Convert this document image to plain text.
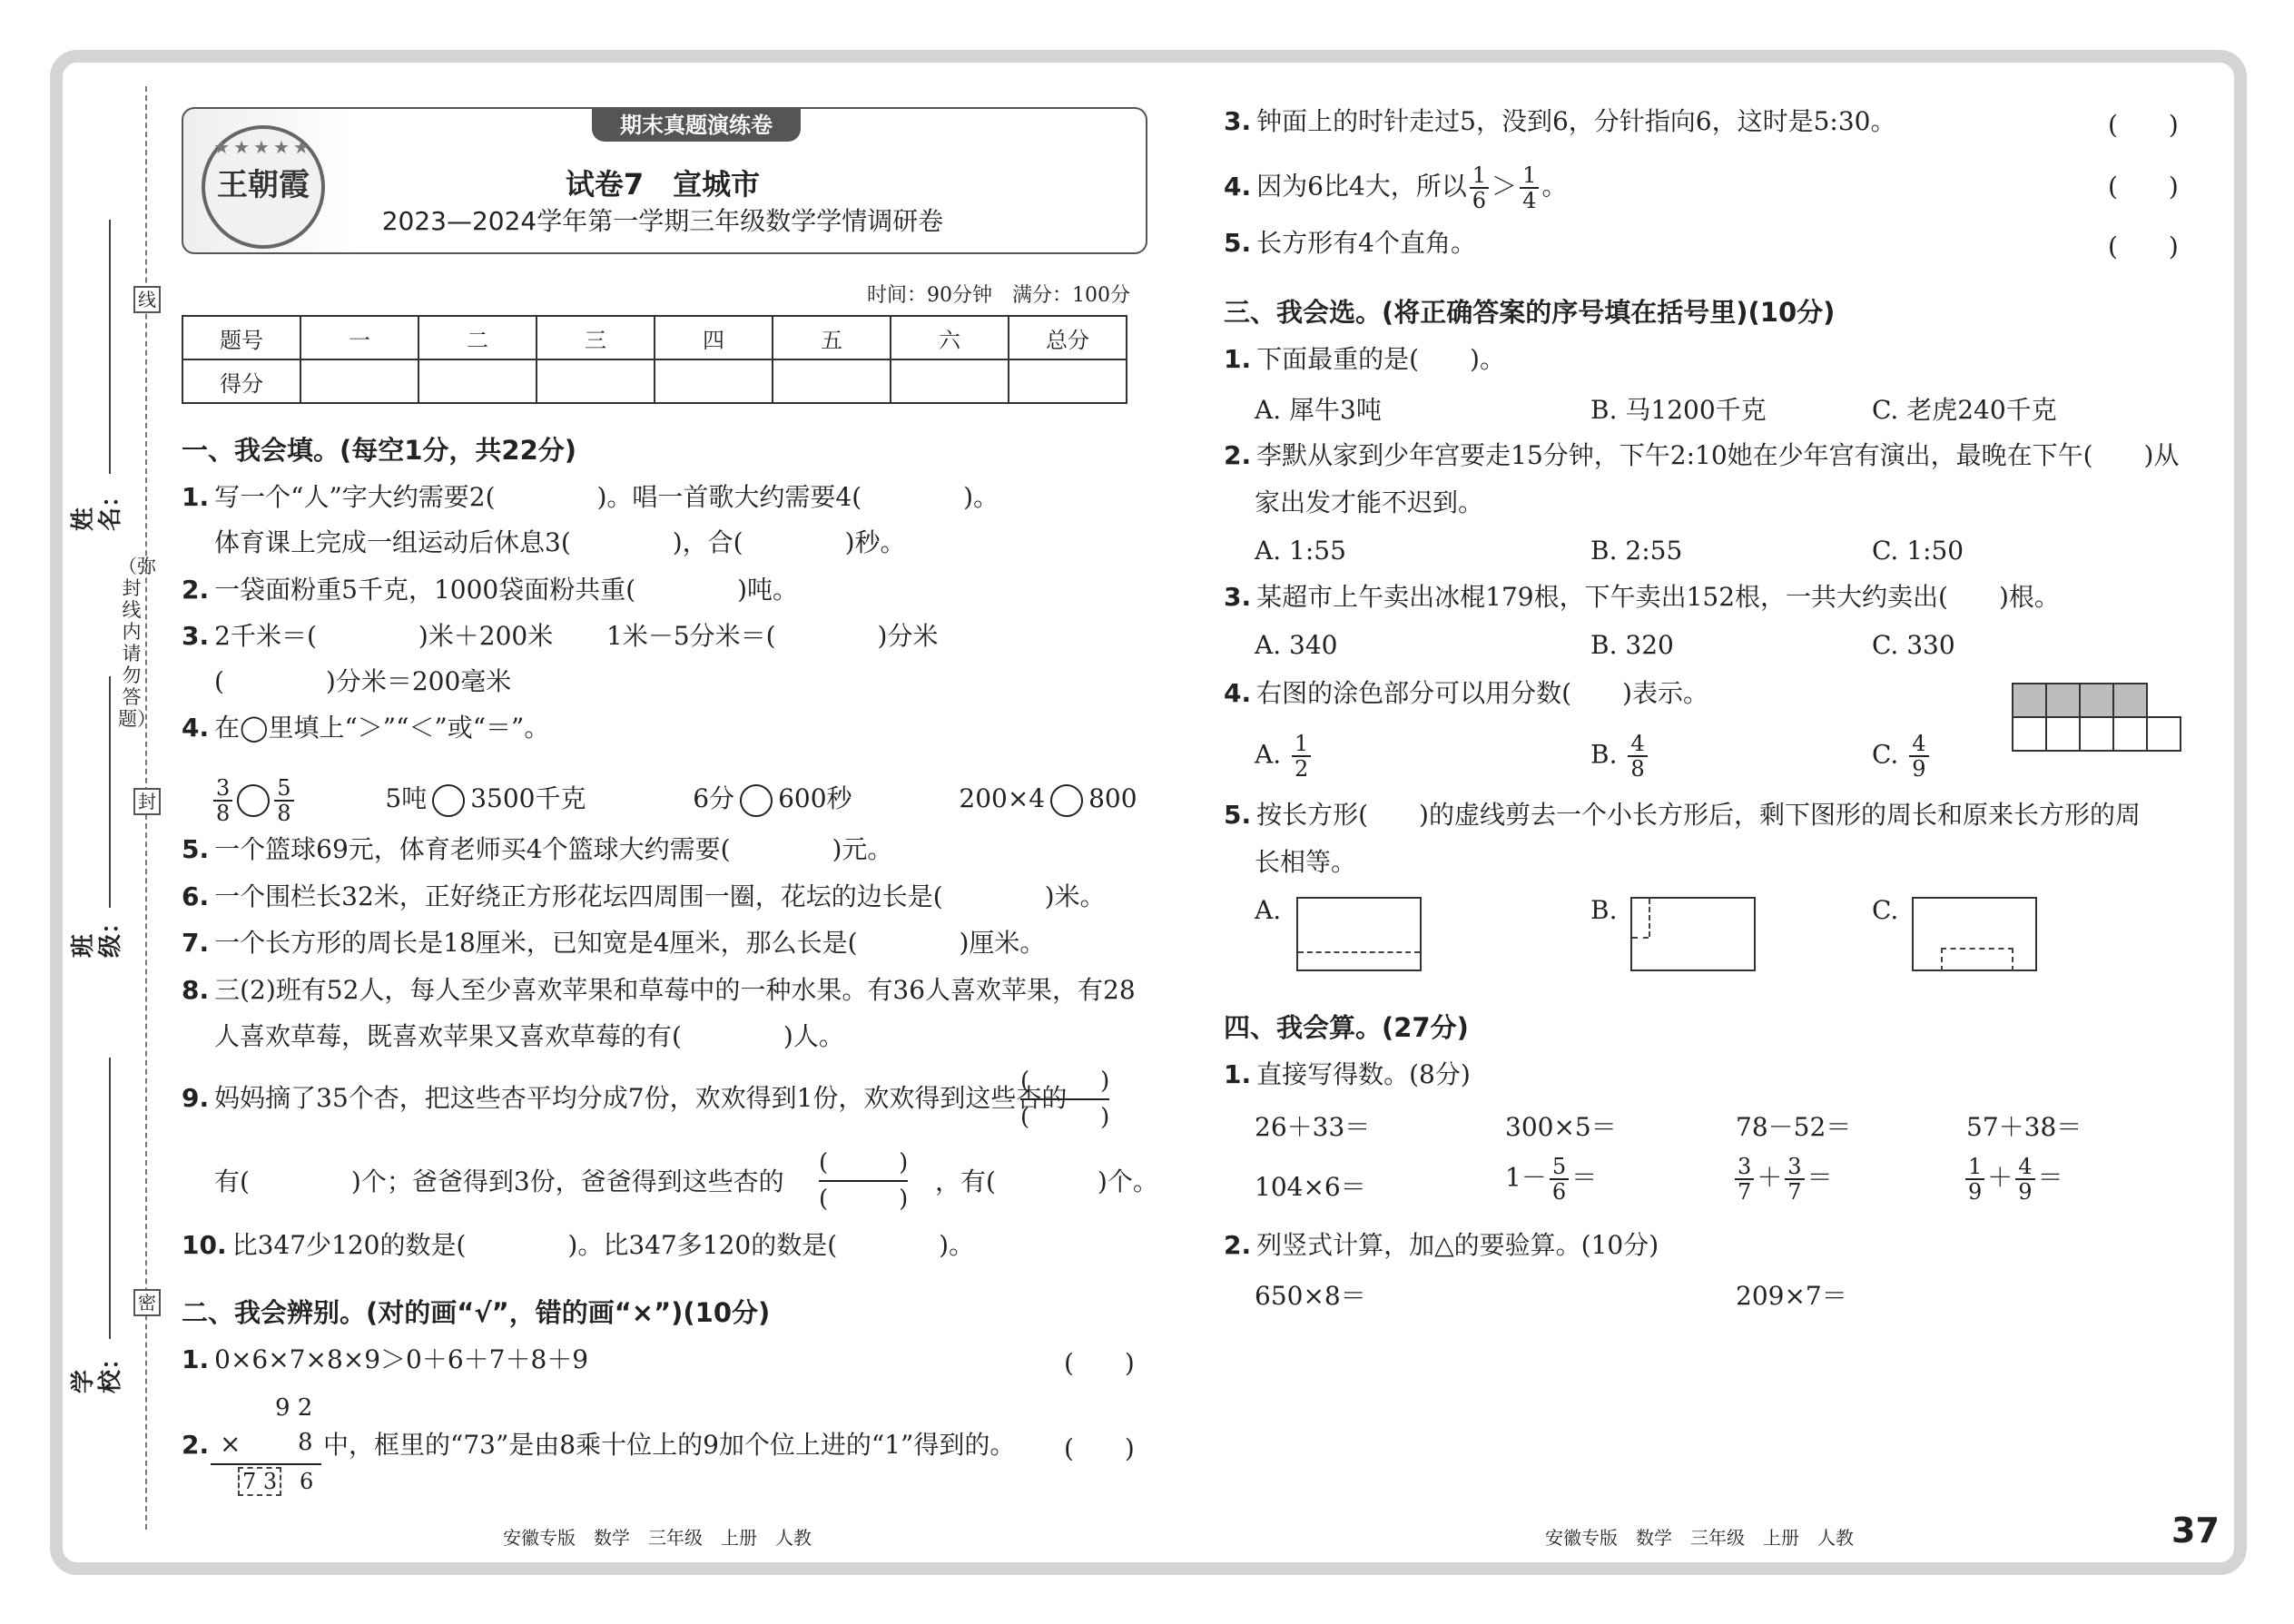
线
封
密
（弥封线内请勿答题）
姓名：
班级：
学校：
期末真题演练卷
★★★★★
王朝霞	试卷7　宣城市
2023—2024学年第一学期三年级数学学情调研卷
时间：90分钟　满分：100分
题号	一	二	三	四	五	六	总分
得分							
一、我会填。(每空1分，共22分)
1. 写一个“人”字大约需要2(　　　　)。唱一首歌大约需要4(　　　　)。
体育课上完成一组运动后休息3(　　　　)，合(　　　　)秒。
2. 一袋面粉重5千克，1000袋面粉共重(　　　　)吨。
3. 2千米＝(　　　　)米＋200米 1米－5分米＝(　　　　)分米
(　　　　)分米＝200毫米
4. 在◯里填上“＞”“＜”或“＝”。
$\frac{3}{8} \frac{5}{8}$	5吨 3500千克	6分 600秒	200×4 800
5. 一个篮球69元，体育老师买4个篮球大约需要(　　　　)元。
6. 一个围栏长32米，正好绕正方形花坛四周围一圈，花坛的边长是(　　　　)米。
7. 一个长方形的周长是18厘米，已知宽是4厘米，那么长是(　　　　)厘米。
8. 三(2)班有52人，每人至少喜欢苹果和草莓中的一种水果。有36人喜欢苹果，有28
人喜欢草莓，既喜欢苹果又喜欢草莓的有(　　　　)人。
9. 妈妈摘了35个杏，把这些杏平均分成7份，欢欢得到1份，欢欢得到这些杏的
(　　　)
(　　　)
有(　　　　)个；爸爸得到3份，爸爸得到这些杏的
(　　　)
(　　　)
，有(　　　　)个。
10. 比347少120的数是(　　　　)。比347多120的数是(　　　　)。
二、我会辨别。(对的画“√”，错的画“×”)(10分)
1. 0×6×7×8×9＞0＋6＋7＋8＋9	(　　)
9 2
2. × 8
7 3 6
中，框里的“73”是由8乘十位上的9加个位上进的“1”得到的。 (　　)
3. 钟面上的时针走过5，没到6，分针指向6，这时是5:30。	(　　)
4. 因为6比4大，所以 $\frac{1}{6} > \frac{1}{4}$ 。	(　　)
5. 长方形有4个直角。	(　　)
三、我会选。(将正确答案的序号填在括号里)(10分)
1. 下面最重的是(　　)。
A. 犀牛3吨	B. 马1200千克	C. 老虎240千克
2. 李默从家到少年宫要走15分钟，下午2:10她在少年宫有演出，最晚在下午(　　)从
家出发才能不迟到。
A. 1:55	B. 2:55	C. 1:50
3. 某超市上午卖出冰棍179根，下午卖出152根，一共大约卖出(　　)根。
A. 340	B. 320	C. 330
4. 右图的涂色部分可以用分数(　　)表示。
A. $\frac{1}{2}$	B. $\frac{4}{8}$	C. $\frac{4}{9}$
5. 按长方形(　　)的虚线剪去一个小长方形后，剩下图形的周长和原来长方形的周
长相等。
A.	B.	C.
四、我会算。(27分)
1. 直接写得数。(8分)
26＋33＝	300×5＝	78－52＝	57＋38＝
104×6＝	$1- \frac{5}{6}$ ＝	$\frac{3}{7} + \frac{3}{7}$ ＝	$\frac{1}{9} + \frac{4}{9}$ ＝
2. 列竖式计算，加△的要验算。(10分)
650×8＝	209×7＝
安徽专版　数学　三年级　上册　人教	安徽专版　数学　三年级　上册　人教	37
